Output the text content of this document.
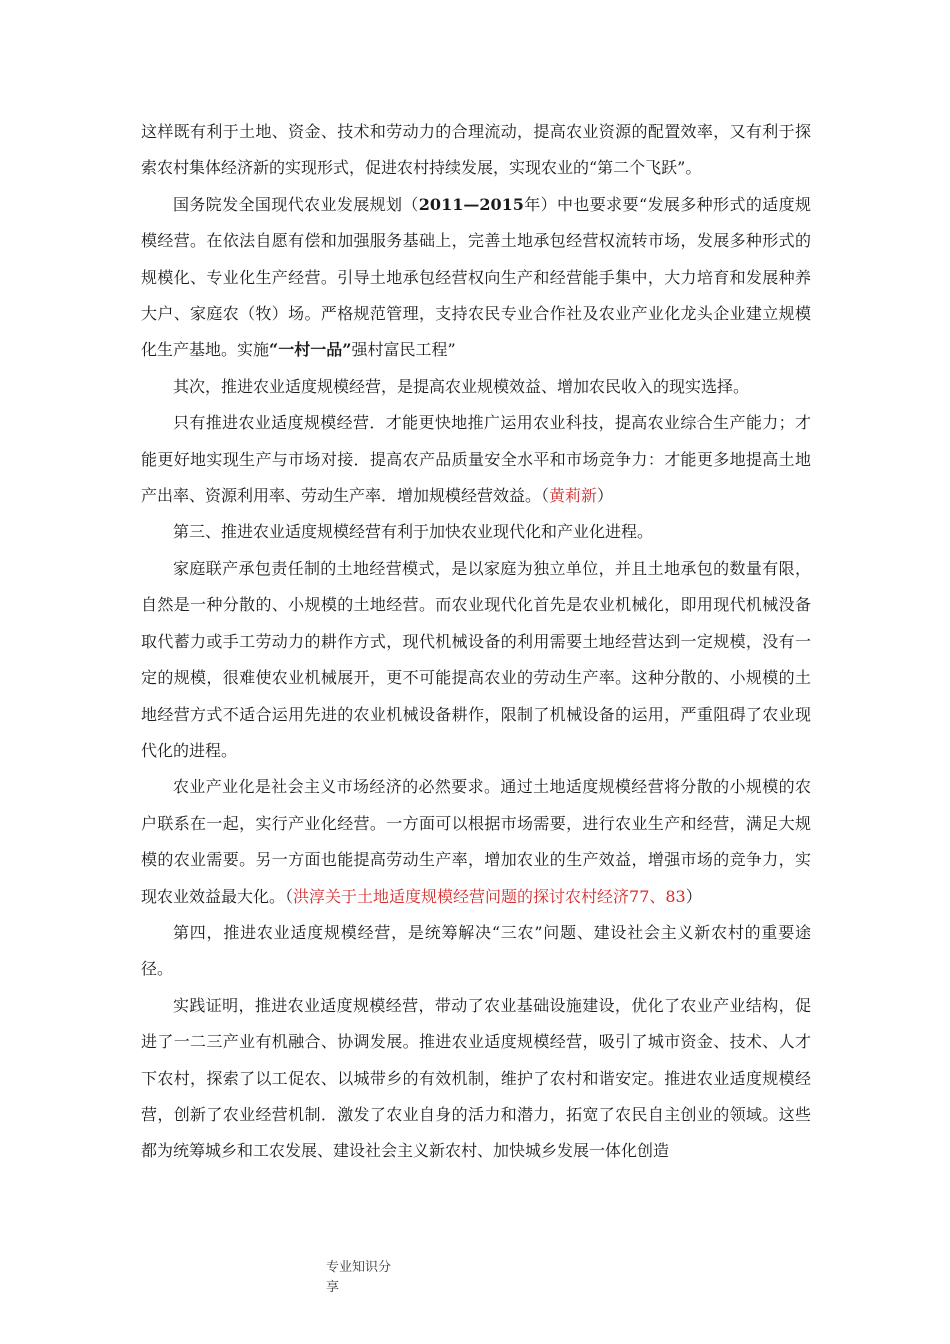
这样既有利于土地、资金、技术和劳动力的合理流动，提高农业资源的配置效率，又有利于探索农村集体经济新的实现形式，促进农村持续发展，实现农业的“第二个飞跃”。

国务院发全国现代农业发展规划（2011—2015年）中也要求要“发展多种形式的适度规模经营。在依法自愿有偿和加强服务基础上，完善土地承包经营权流转市场，发展多种形式的规模化、专业化生产经营。引导土地承包经营权向生产和经营能手集中，大力培育和发展种养大户、家庭农（牧）场。严格规范管理，支持农民专业合作社及农业产业化龙头企业建立规模化生产基地。实施“一村一品”强村富民工程”

其次，推进农业适度规模经营，是提高农业规模效益、增加农民收入的现实选择。

只有推进农业适度规模经营．才能更快地推广运用农业科技，提高农业综合生产能力；才能更好地实现生产与市场对接．提高农产品质量安全水平和市场竞争力：才能更多地提高土地产出率、资源利用率、劳动生产率．增加规模经营效益。（黄莉新）

第三、推进农业适度规模经营有利于加快农业现代化和产业化进程。

家庭联产承包责任制的土地经营模式，是以家庭为独立单位，并且土地承包的数量有限，自然是一种分散的、小规模的土地经营。而农业现代化首先是农业机械化，即用现代机械没备取代蓄力或手工劳动力的耕作方式，现代机械设备的利用需要土地经营达到一定规模，没有一定的规模，很难使农业机械展开，更不可能提高农业的劳动生产率。这种分散的、小规模的土地经营方式不适合运用先进的农业机械设备耕作，限制了机械设备的运用，严重阻碍了农业现代化的进程。

农业产业化是社会主义市场经济的必然要求。通过土地适度规模经营将分散的小规模的农户联系在一起，实行产业化经营。一方面可以根据市场需要，进行农业生产和经营，满足大规模的农业需要。另一方面也能提高劳动生产率，增加农业的生产效益，增强市场的竞争力，实现农业效益最大化。（洪淳关于土地适度规模经营问题的探讨农村经济77、83）

第四，推进农业适度规模经营，是统筹解决“三农”问题、建设社会主义新农村的重要途径。

实践证明，推进农业适度规模经营，带动了农业基础设施建设，优化了农业产业结构，促进了一二三产业有机融合、协调发展。推进农业适度规模经营，吸引了城市资金、技术、人才下农村，探索了以工促农、以城带乡的有效机制，维护了农村和谐安定。推进农业适度规模经营，创新了农业经营机制．激发了农业自身的活力和潜力，拓宽了农民自主创业的领域。这些都为统筹城乡和工农发展、建设社会主义新农村、加快城乡发展一体化创造

专业知识分享
